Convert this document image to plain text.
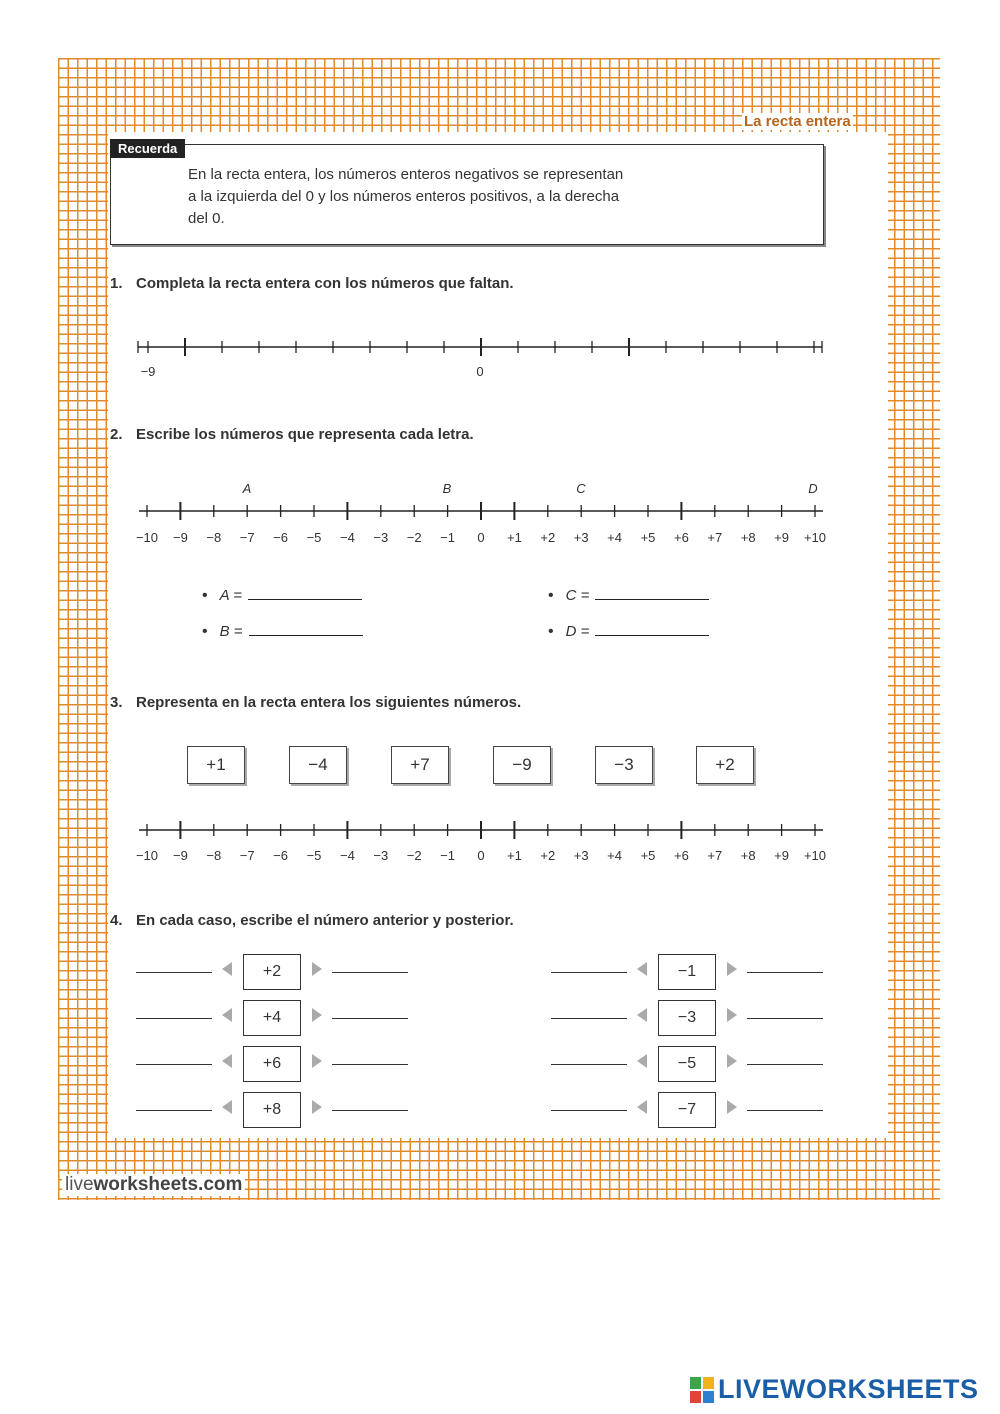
La recta entera
Recuerda
En la recta entera, los números enteros negativos se representan
a la izquierda del 0 y los números enteros positivos, a la derecha
del 0.
1. Completa la recta entera con los números que faltan.
−9	0
2. Escribe los números que representa cada letra.
A	B	C	D
−10 −9 −8 −7 −6 −5 −4 −3 −2 −1 0 +1 +2 +3 +4 +5 +6 +7 +8 +9 +10
• A =
• B =
• C =
• D =
3. Representa en la recta entera los siguientes números.
+1	−4	+7	−9	−3	+2
−10 −9 −8 −7 −6 −5 −4 −3 −2 −1 0 +1 +2 +3 +4 +5 +6 +7 +8 +9 +10
4. En cada caso, escribe el número anterior y posterior.
+2
+4
+6
+8
−1
−3
−5
−7
liveworksheets.com
LIVEWORKSHEETS
